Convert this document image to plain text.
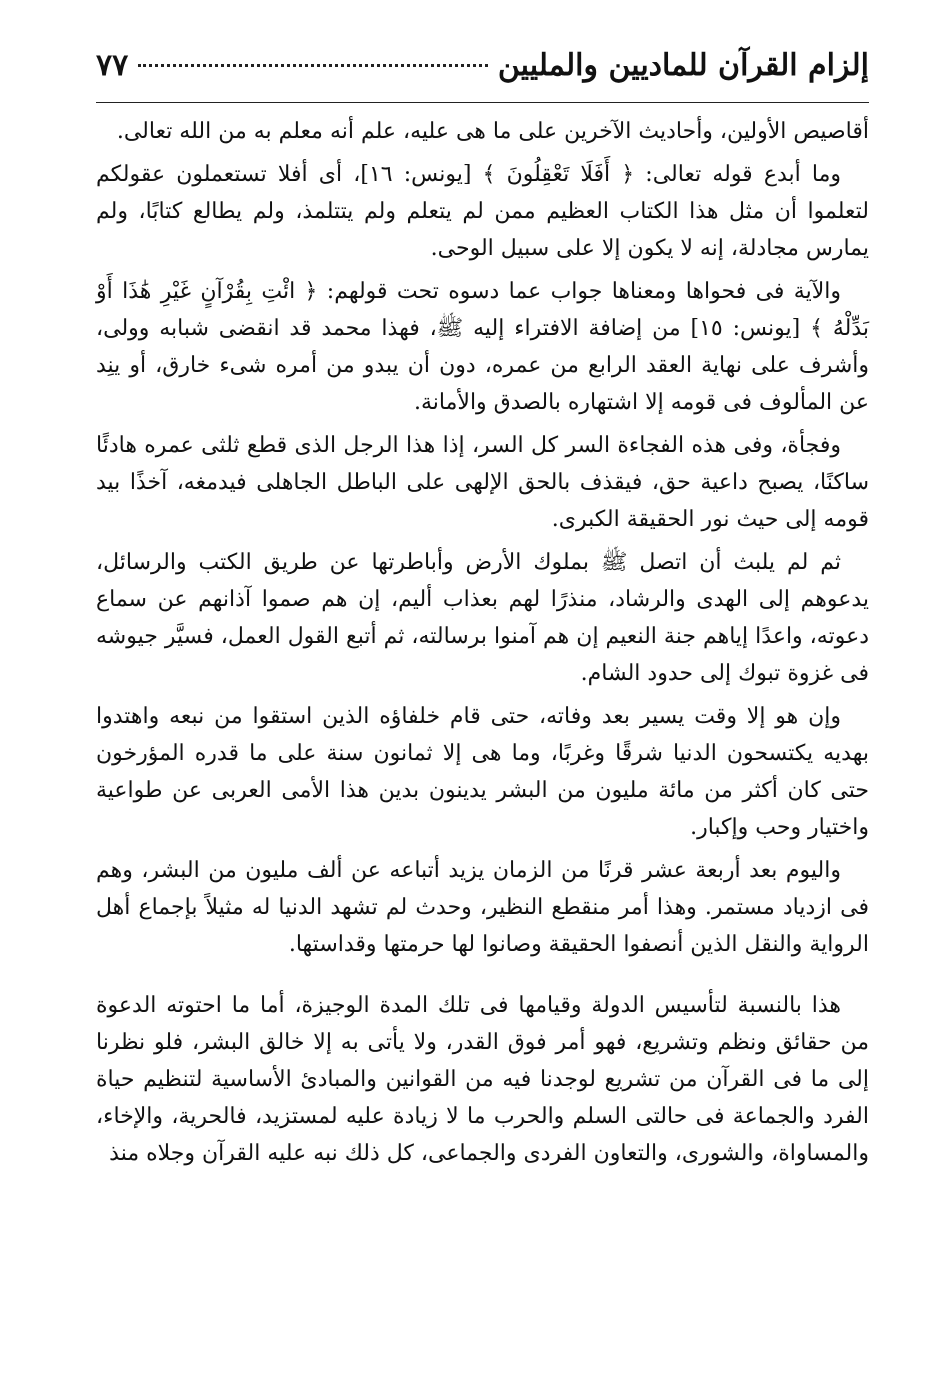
إلزام القرآن للماديين والمليين
٧٧

أقاصيص الأولين، وأحاديث الآخرين على ما هى عليه، علم أنه معلم به من الله تعالى.

وما أبدع قوله تعالى: ﴿ أَفَلَا تَعْقِلُونَ ﴾ [يونس: ١٦]، أى أفلا تستعملون عقولكم لتعلموا أن مثل هذا الكتاب العظيم ممن لم يتعلم ولم يتتلمذ، ولم يطالع كتابًا، ولم يمارس مجادلة، إنه لا يكون إلا على سبيل الوحى.

والآية فى فحواها ومعناها جواب عما دسوه تحت قولهم: ﴿ ائْتِ بِقُرْآنٍ غَيْرِ هَٰذَا أَوْ بَدِّلْهُ ﴾ [يونس: ١٥] من إضافة الافتراء إليه ﷺ، فهذا محمد قد انقضى شبابه وولى، وأشرف على نهاية العقد الرابع من عمره، دون أن يبدو من أمره شىء خارق، أو ينِد عن المألوف فى قومه إلا اشتهاره بالصدق والأمانة.

وفجأة، وفى هذه الفجاءة السر كل السر، إذا هذا الرجل الذى قطع ثلثى عمره هادئًا ساكنًا، يصبح داعية حق، فيقذف بالحق الإلهى على الباطل الجاهلى فيدمغه، آخذًا بيد قومه إلى حيث نور الحقيقة الكبرى.

ثم لم يلبث أن اتصل ﷺ بملوك الأرض وأباطرتها عن طريق الكتب والرسائل، يدعوهم إلى الهدى والرشاد، منذرًا لهم بعذاب أليم، إن هم صموا آذانهم عن سماع دعوته، واعدًا إياهم جنة النعيم إن هم آمنوا برسالته، ثم أتبع القول العمل، فسيَّر جيوشه فى غزوة تبوك إلى حدود الشام.

وإن هو إلا وقت يسير بعد وفاته، حتى قام خلفاؤه الذين استقوا من نبعه واهتدوا بهديه يكتسحون الدنيا شرقًا وغربًا، وما هى إلا ثمانون سنة على ما قدره المؤرخون حتى كان أكثر من مائة مليون من البشر يدينون بدين هذا الأمى العربى عن طواعية واختيار وحب وإكبار.

واليوم بعد أربعة عشر قرنًا من الزمان يزيد أتباعه عن ألف مليون من البشر، وهم فى ازدياد مستمر. وهذا أمر منقطع النظير، وحدث لم تشهد الدنيا له مثيلاً بإجماع أهل الرواية والنقل الذين أنصفوا الحقيقة وصانوا لها حرمتها وقداستها.

هذا بالنسبة لتأسيس الدولة وقيامها فى تلك المدة الوجيزة، أما ما احتوته الدعوة من حقائق ونظم وتشريع، فهو أمر فوق القدر، ولا يأتى به إلا خالق البشر، فلو نظرنا إلى ما فى القرآن من تشريع لوجدنا فيه من القوانين والمبادئ الأساسية لتنظيم حياة الفرد والجماعة فى حالتى السلم والحرب ما لا زيادة عليه لمستزيد، فالحرية، والإخاء، والمساواة، والشورى، والتعاون الفردى والجماعى، كل ذلك نبه عليه القرآن وجلاه منذ
